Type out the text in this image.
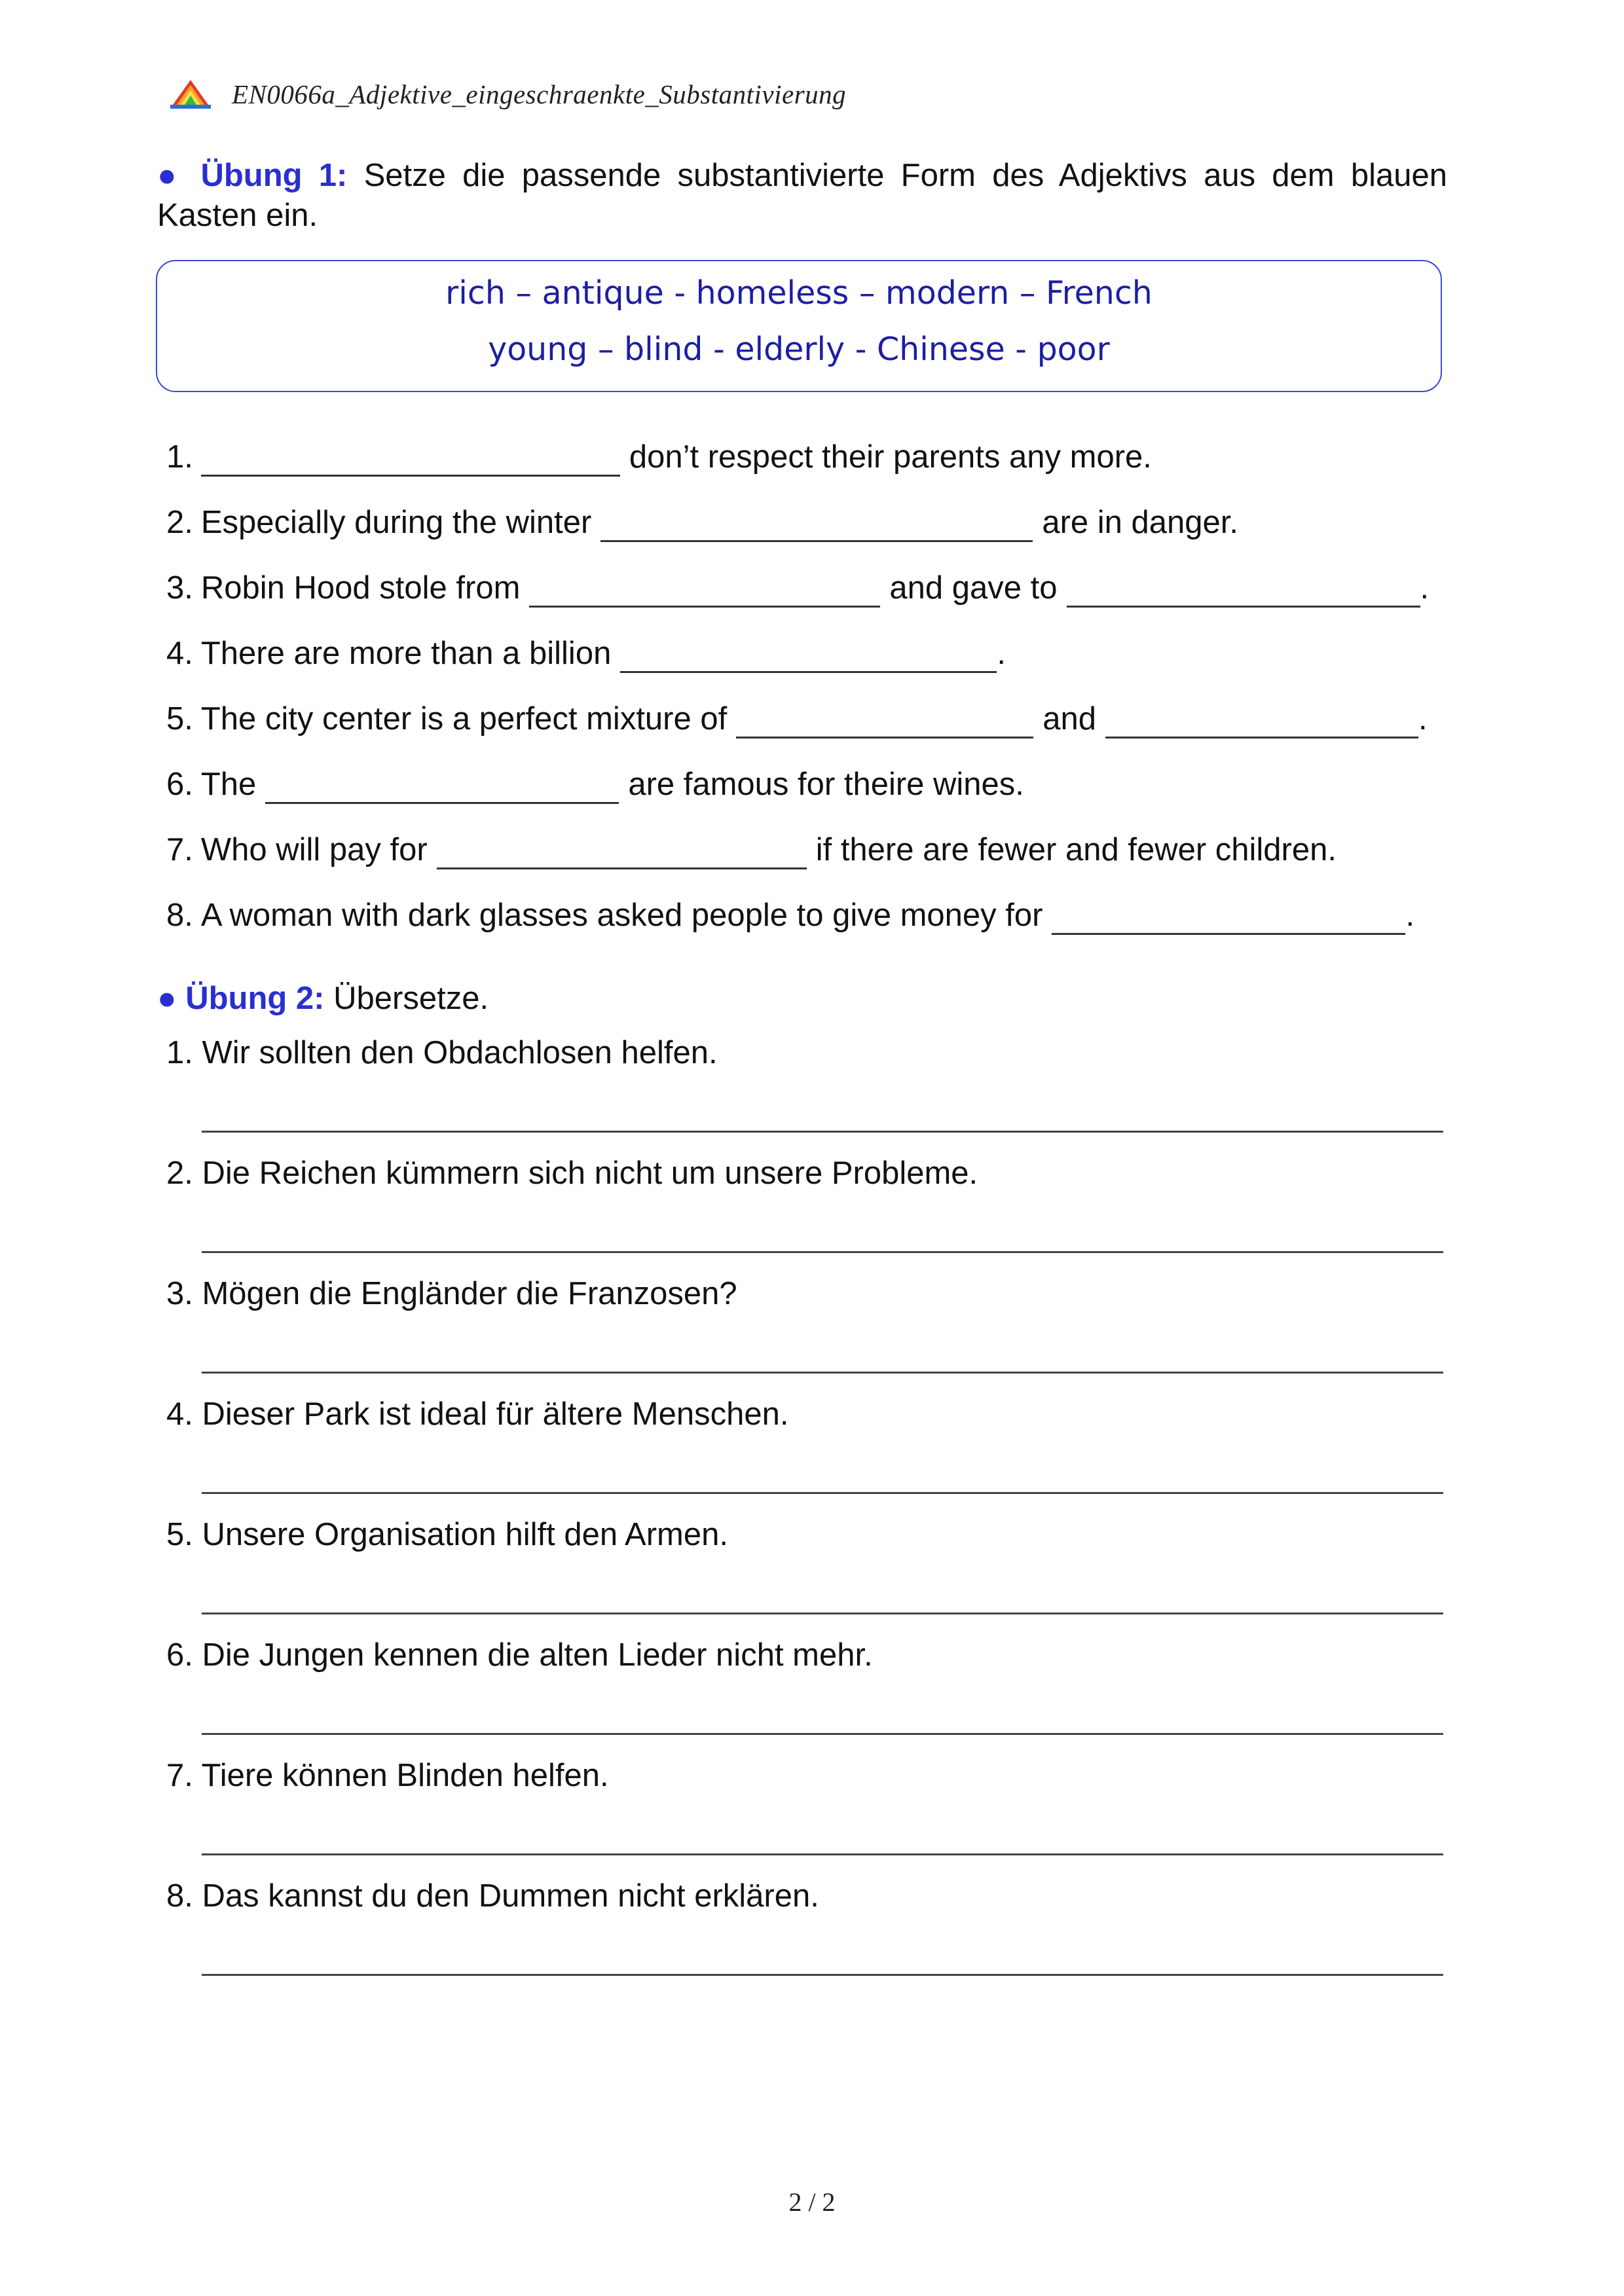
EN0066a_Adjektive_eingeschraenkte_Substantivierung
● Übung 1: Setze die passende substantivierte Form des Adjektivs aus dem blauen Kasten ein.
rich – antique - homeless – modern – French
young – blind - elderly - Chinese - poor
1.	don’t respect their parents any more.
2. Especially during the winter	are in danger.
3. Robin Hood stole from	and gave to	.
4. There are more than a billion	.
5. The city center is a perfect mixture of	and	.
6. The	are famous for theire wines.
7. Who will pay for	if there are fewer and fewer children.
8. A woman with dark glasses asked people to give money for	.
● Übung 2: Übersetze.
1. Wir sollten den Obdachlosen helfen.
2. Die Reichen kümmern sich nicht um unsere Probleme.
3. Mögen die Engländer die Franzosen?
4. Dieser Park ist ideal für ältere Menschen.
5. Unsere Organisation hilft den Armen.
6. Die Jungen kennen die alten Lieder nicht mehr.
7. Tiere können Blinden helfen.
8. Das kannst du den Dummen nicht erklären.
2 / 2
